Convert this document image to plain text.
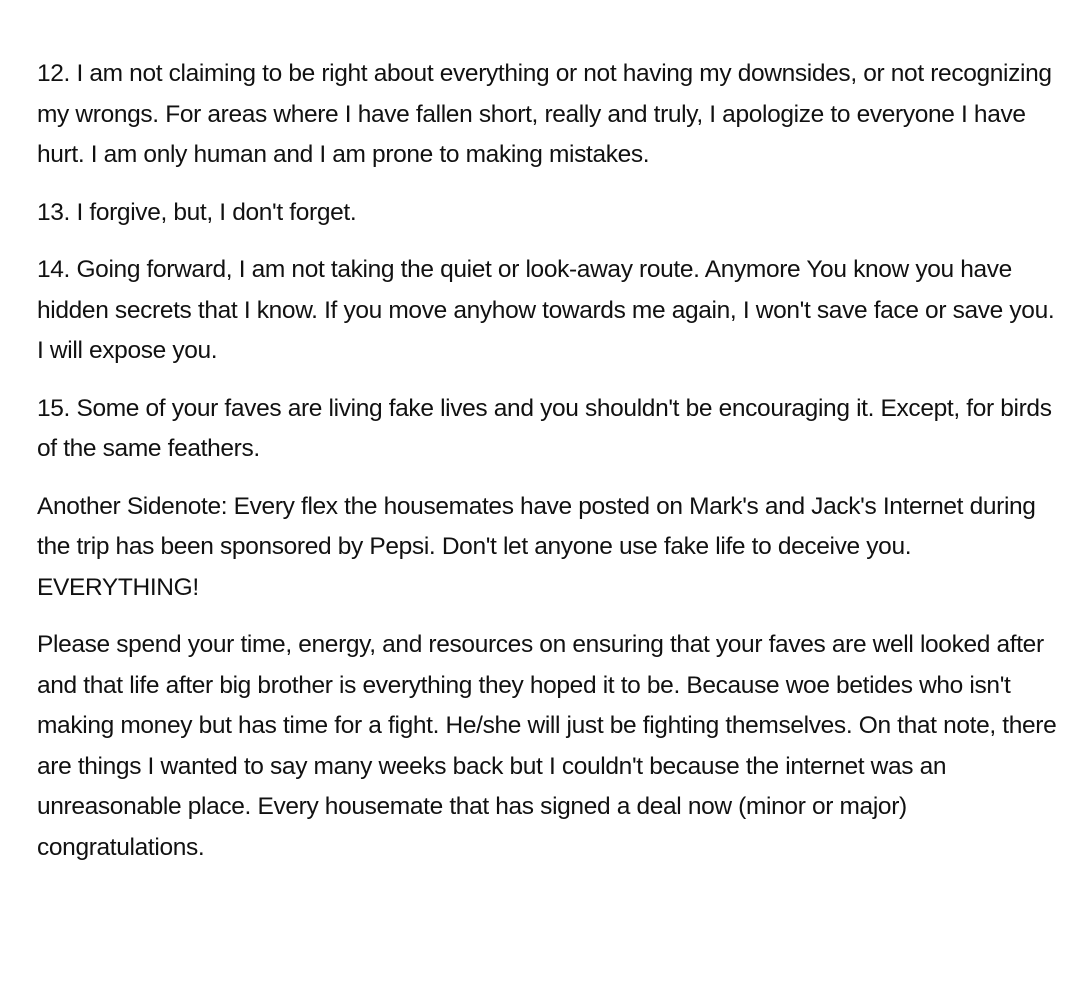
12. I am not claiming to be right about everything or not having my downsides, or not recognizing my wrongs. For areas where I have fallen short, really and truly, I apologize to everyone I have hurt. I am only human and I am prone to making mistakes.

13. I forgive, but, I don't forget.

14. Going forward, I am not taking the quiet or look-away route. Anymore You know you have hidden secrets that I know. If you move anyhow towards me again, I won't save face or save you. I will expose you.

15. Some of your faves are living fake lives and you shouldn't be encouraging it. Except, for birds of the same feathers.

Another Sidenote: Every flex the housemates have posted on Mark's and Jack's Internet during the trip has been sponsored by Pepsi. Don't let anyone use fake life to deceive you. EVERYTHING!

Please spend your time, energy, and resources on ensuring that your faves are well looked after and that life after big brother is everything they hoped it to be. Because woe betides who isn't making money but has time for a fight. He/she will just be fighting themselves. On that note, there are things I wanted to say many weeks back but I couldn't because the internet was an unreasonable place. Every housemate that has signed a deal now (minor or major) congratulations.
